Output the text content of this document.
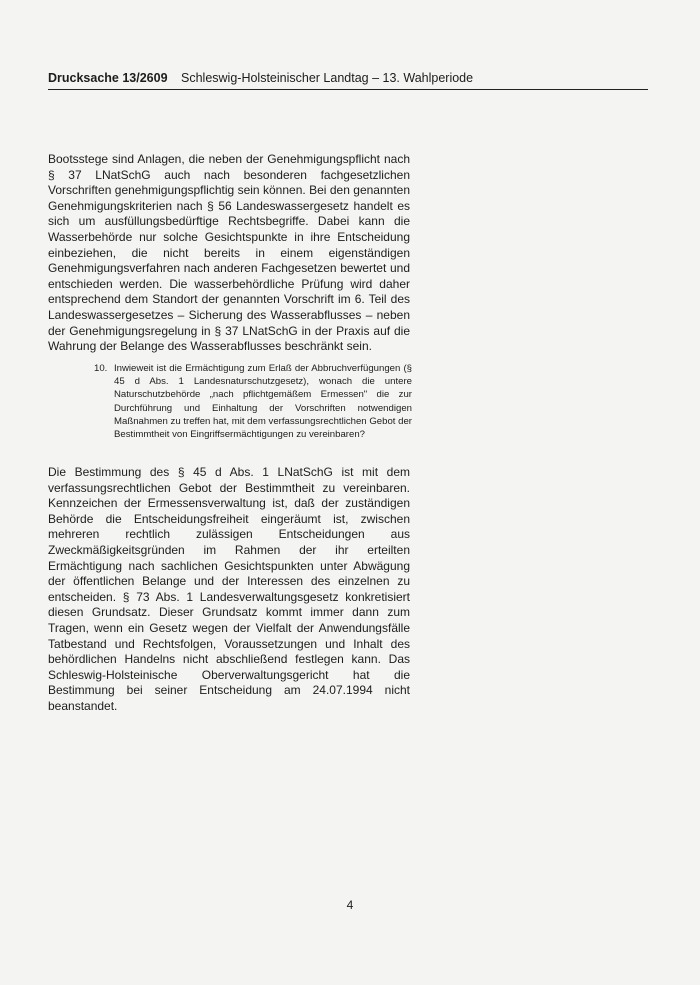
Drucksache 13/2609 Schleswig-Holsteinischer Landtag – 13. Wahlperiode
Bootsstege sind Anlagen, die neben der Genehmigungspflicht nach § 37 LNatSchG auch nach besonderen fachgesetzlichen Vorschriften genehmigungspflichtig sein können. Bei den genannten Genehmigungskriterien nach § 56 Landeswassergesetz handelt es sich um ausfüllungsbedürftige Rechtsbegriffe. Dabei kann die Wasserbehörde nur solche Gesichtspunkte in ihre Entscheidung einbeziehen, die nicht bereits in einem eigenständigen Genehmigungsverfahren nach anderen Fachgesetzen bewertet und entschieden werden. Die wasserbehördliche Prüfung wird daher entsprechend dem Standort der genannten Vorschrift im 6. Teil des Landeswassergesetzes – Sicherung des Wasserabflusses – neben der Genehmigungsregelung in § 37 LNatSchG in der Praxis auf die Wahrung der Belange des Wasserabflusses beschränkt sein.
10. Inwieweit ist die Ermächtigung zum Erlaß der Abbruchverfügungen (§ 45 d Abs. 1 Landesnaturschutzgesetz), wonach die untere Naturschutzbehörde „nach pflichtgemäßem Ermessen" die zur Durchführung und Einhaltung der Vorschriften notwendigen Maßnahmen zu treffen hat, mit dem verfassungsrechtlichen Gebot der Bestimmtheit von Eingriffsermächtigungen zu vereinbaren?
Die Bestimmung des § 45 d Abs. 1 LNatSchG ist mit dem verfassungsrechtlichen Gebot der Bestimmtheit zu vereinbaren. Kennzeichen der Ermessensverwaltung ist, daß der zuständigen Behörde die Entscheidungsfreiheit eingeräumt ist, zwischen mehreren rechtlich zulässigen Entscheidungen aus Zweckmäßigkeitsgründen im Rahmen der ihr erteilten Ermächtigung nach sachlichen Gesichtspunkten unter Abwägung der öffentlichen Belange und der Interessen des einzelnen zu entscheiden. § 73 Abs. 1 Landesverwaltungsgesetz konkretisiert diesen Grundsatz. Dieser Grundsatz kommt immer dann zum Tragen, wenn ein Gesetz wegen der Vielfalt der Anwendungsfälle Tatbestand und Rechtsfolgen, Voraussetzungen und Inhalt des behördlichen Handelns nicht abschließend festlegen kann. Das Schleswig-Holsteinische Oberverwaltungsgericht hat die Bestimmung bei seiner Entscheidung am 24.07.1994 nicht beanstandet.
4
